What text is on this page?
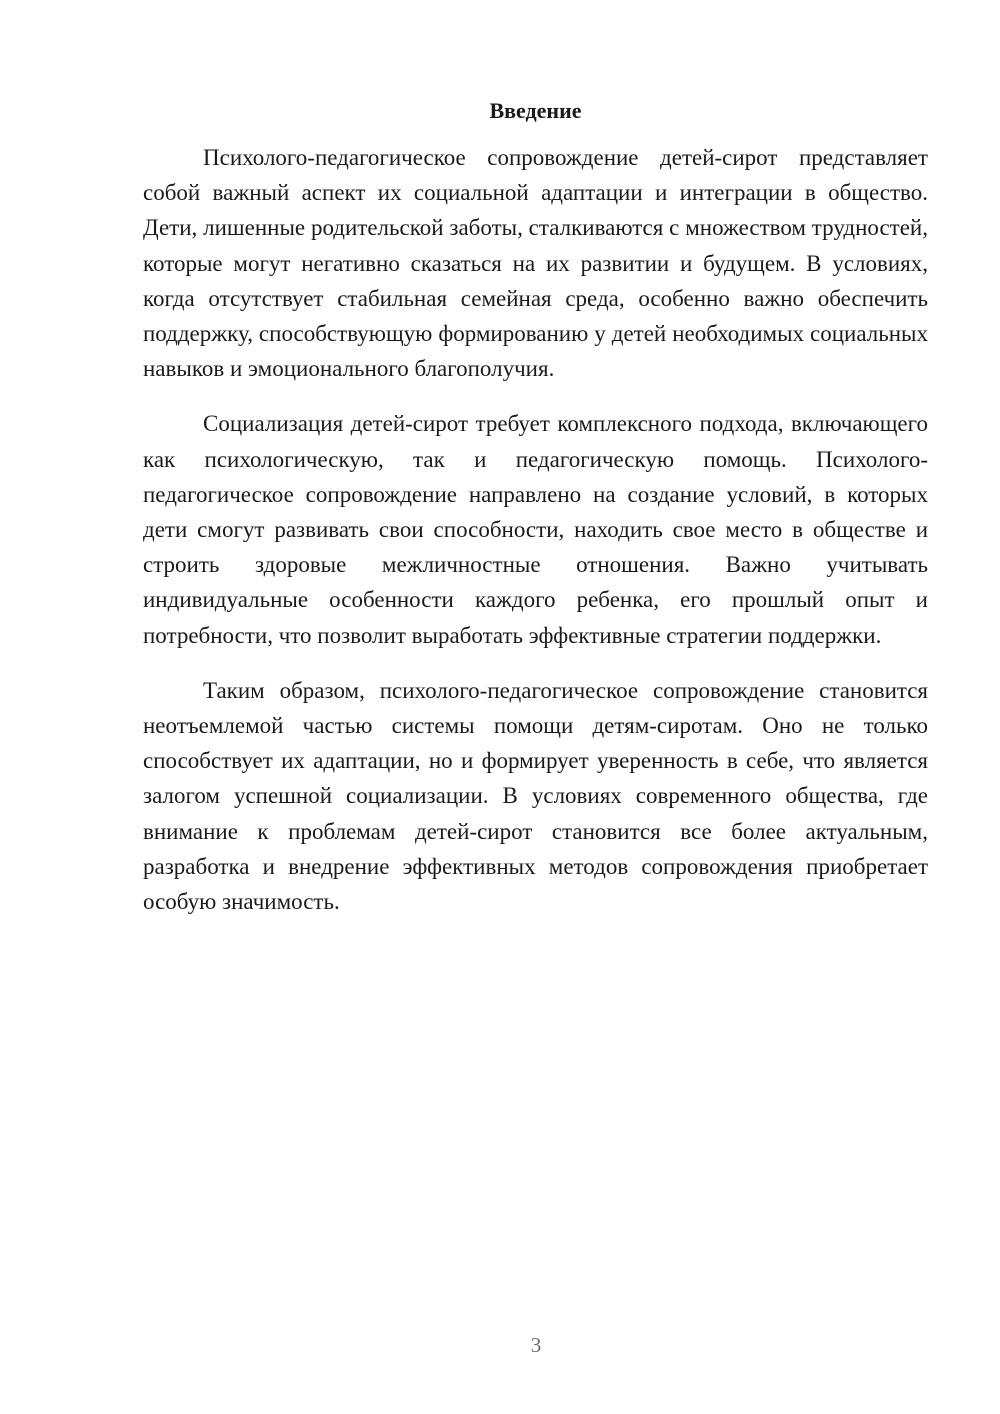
Введение

Психолого-педагогическое сопровождение детей-сирот представляет собой важный аспект их социальной адаптации и интеграции в общество. Дети, лишенные родительской заботы, сталкиваются с множеством трудностей, которые могут негативно сказаться на их развитии и будущем. В условиях, когда отсутствует стабильная семейная среда, особенно важно обеспечить поддержку, способствующую формированию у детей необходимых социальных навыков и эмоционального благополучия.

Социализация детей-сирот требует комплексного подхода, включающего как психологическую, так и педагогическую помощь. Психолого-педагогическое сопровождение направлено на создание условий, в которых дети смогут развивать свои способности, находить свое место в обществе и строить здоровые межличностные отношения. Важно учитывать индивидуальные особенности каждого ребенка, его прошлый опыт и потребности, что позволит выработать эффективные стратегии поддержки.

Таким образом, психолого-педагогическое сопровождение становится неотъемлемой частью системы помощи детям-сиротам. Оно не только способствует их адаптации, но и формирует уверенность в себе, что является залогом успешной социализации. В условиях современного общества, где внимание к проблемам детей-сирот становится все более актуальным, разработка и внедрение эффективных методов сопровождения приобретает особую значимость.

3
